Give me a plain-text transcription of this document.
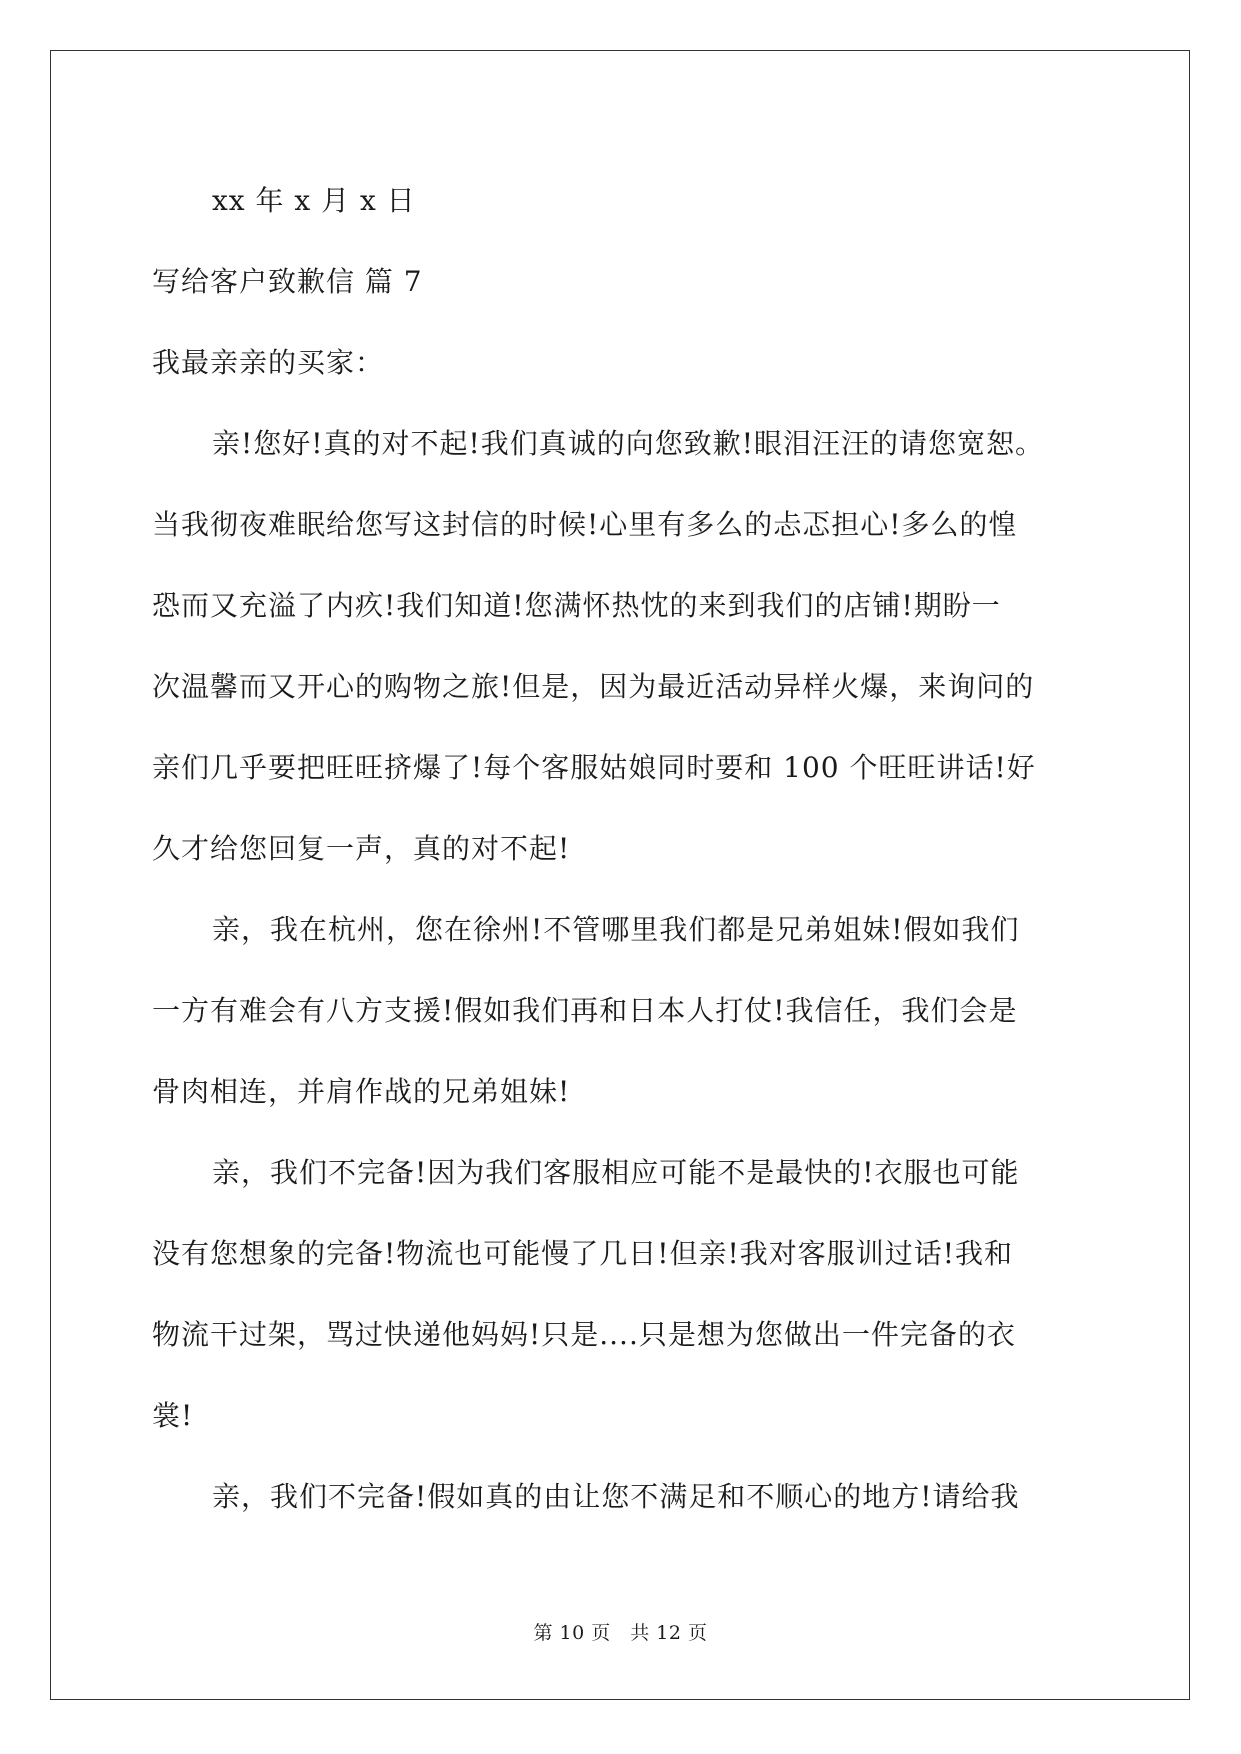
xx 年 x 月 x 日
写给客户致歉信 篇 7
我最亲亲的买家：
亲!您好!真的对不起!我们真诚的向您致歉!眼泪汪汪的请您宽恕。
当我彻夜难眠给您写这封信的时候!心里有多么的忐忑担心!多么的惶
恐而又充溢了内疚!我们知道!您满怀热忱的来到我们的店铺!期盼一
次温馨而又开心的购物之旅!但是，因为最近活动异样火爆，来询问的
亲们几乎要把旺旺挤爆了!每个客服姑娘同时要和 100 个旺旺讲话!好
久才给您回复一声，真的对不起!
亲，我在杭州，您在徐州!不管哪里我们都是兄弟姐妹!假如我们
一方有难会有八方支援!假如我们再和日本人打仗!我信任，我们会是
骨肉相连，并肩作战的兄弟姐妹!
亲，我们不完备!因为我们客服相应可能不是最快的!衣服也可能
没有您想象的完备!物流也可能慢了几日!但亲!我对客服训过话!我和
物流干过架，骂过快递他妈妈!只是....只是想为您做出一件完备的衣
裳!
亲，我们不完备!假如真的由让您不满足和不顺心的地方!请给我
第 10 页　共 12 页
